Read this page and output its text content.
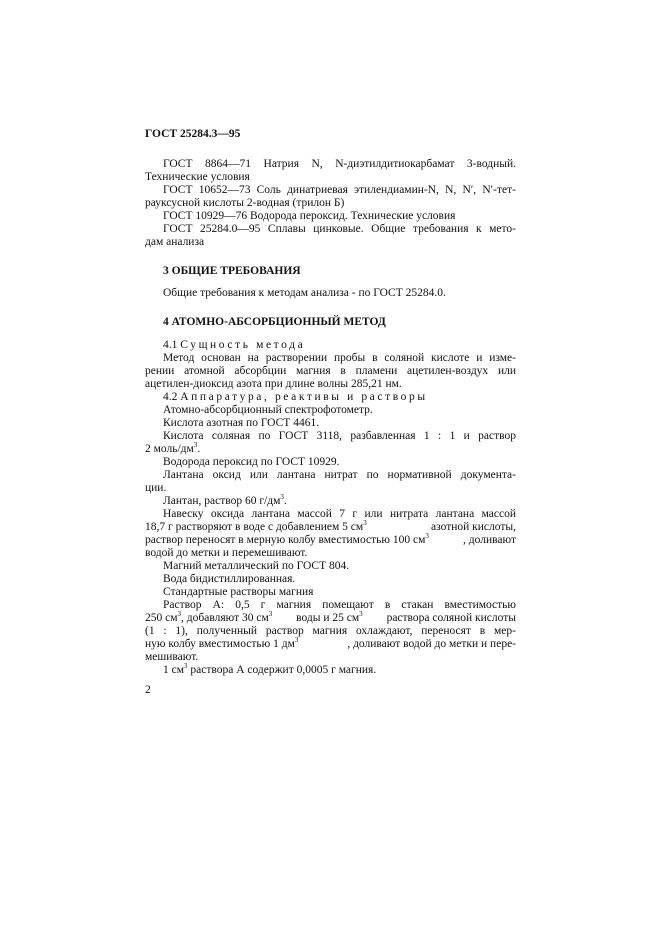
ГОСТ 25284.3—95
ГОСТ 8864—71 Натрия N, N-диэтилдитиокарбамат 3-водный.
Технические условия
ГОСТ 10652—73 Соль динатриевая этилендиамин-N, N, N′, N′-тет-
рауксусной кислоты 2-водная (трилон Б)
ГОСТ 10929—76 Водорода пероксид. Технические условия
ГОСТ 25284.0—95 Сплавы цинковые. Общие требования к мето-
дам анализа
3 ОБЩИЕ ТРЕБОВАНИЯ
Общие требования к методам анализа - по ГОСТ 25284.0.
4 АТОМНО-АБСОРБЦИОННЫЙ МЕТОД
4.1 Сущность метода
Метод основан на растворении пробы в соляной кислоте и изме-
рении атомной абсорбции магния в пламени ацетилен-воздух или
ацетилен-диоксид азота при длине волны 285,21 нм.
4.2 Аппаратура, реактивы и растворы
Атомно-абсорбционный спектрофотометр.
Кислота азотная по ГОСТ 4461.
Кислота соляная по ГОСТ 3118, разбавленная 1 : 1 и раствор
2 моль/$дм^3$.
Водорода пероксид по ГОСТ 10929.
Лантана оксид или лантана нитрат по нормативной документа-
ции.
Лантан, раствор 60 $г/дм^3$.
Навеску оксида лантана массой 7 г или нитрата лантана массой
18,7 г растворяют в воде с добавлением 5 $см^3$	азотной кислоты,
раствор переносят в мерную колбу вместимостью 100 $см^3$	, доливают
водой до метки и перемешивают.
Магний металлический по ГОСТ 804.
Вода бидистиллированная.
Стандартные растворы магния
Раствор А: 0,5 г магния помещают в стакан вместимостью
250 $см^3$, добавляют 30 $см^3$ воды и 25 $см^3$ раствора соляной кислоты
(1 : 1), полученный раствор магния охлаждают, переносят в мер-
ную колбу вместимостью 1 $дм^3$	, доливают водой до метки и пере-
мешивают.
1 $см^3$ раствора А содержит 0,0005 г магния.
2
